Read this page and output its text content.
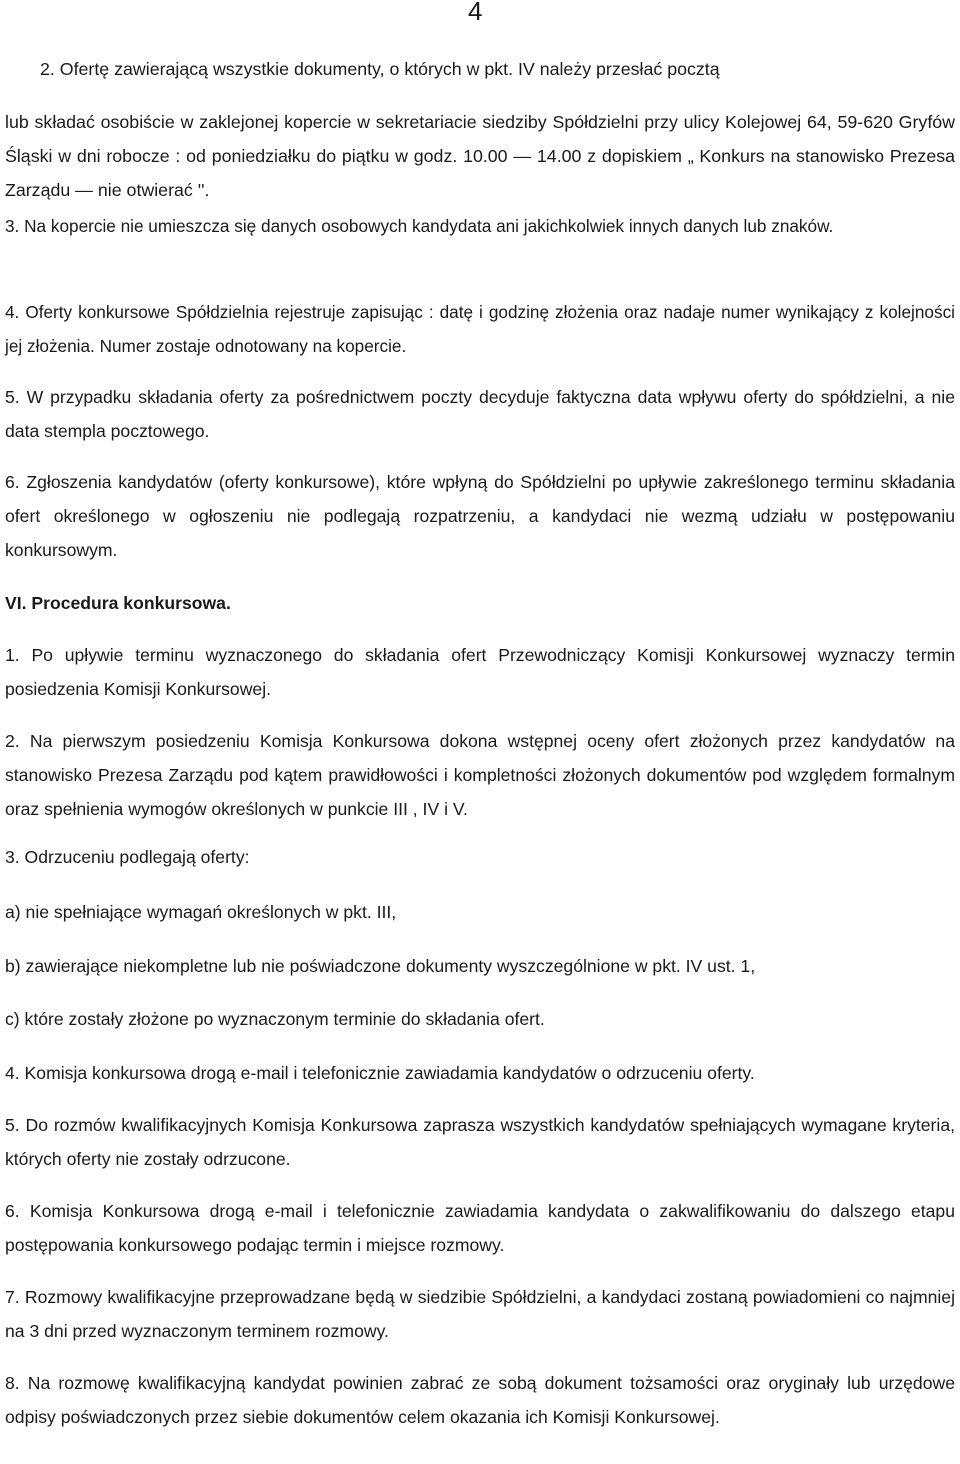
4

2. Ofertę zawierającą wszystkie dokumenty, o których w pkt. IV należy przesłać pocztą

lub składać osobiście w zaklejonej kopercie w sekretariacie siedziby Spółdzielni przy ulicy Kolejowej 64, 59-620 Gryfów Śląski w dni robocze : od poniedziałku do piątku w godz. 10.00 — 14.00 z dopiskiem „ Konkurs na stanowisko Prezesa Zarządu — nie otwierać ''.

3. Na kopercie nie umieszcza się danych osobowych kandydata ani jakichkolwiek innych danych lub znaków.

4. Oferty konkursowe Spółdzielnia rejestruje zapisując : datę i godzinę złożenia oraz nadaje numer wynikający z kolejności jej złożenia. Numer zostaje odnotowany na kopercie.

5. W przypadku składania oferty za pośrednictwem poczty decyduje faktyczna data wpływu oferty do spółdzielni, a nie data stempla pocztowego.

6. Zgłoszenia kandydatów (oferty konkursowe), które wpłyną do Spółdzielni po upływie zakreślonego terminu składania ofert określonego w ogłoszeniu nie podlegają rozpatrzeniu, a kandydaci nie wezmą udziału w postępowaniu konkursowym.

VI. Procedura konkursowa.

1. Po upływie terminu wyznaczonego do składania ofert Przewodniczący Komisji Konkursowej wyznaczy termin posiedzenia Komisji Konkursowej.

2. Na pierwszym posiedzeniu Komisja Konkursowa dokona wstępnej oceny ofert złożonych przez kandydatów na stanowisko Prezesa Zarządu pod kątem prawidłowości i kompletności złożonych dokumentów pod względem formalnym oraz spełnienia wymogów określonych w punkcie III , IV i V.

3. Odrzuceniu podlegają oferty:

a) nie spełniające wymagań określonych w pkt. III,

b) zawierające niekompletne lub nie poświadczone dokumenty wyszczególnione w pkt. IV ust. 1,

c) które zostały złożone po wyznaczonym terminie do składania ofert.

4. Komisja konkursowa drogą e-mail i telefonicznie zawiadamia kandydatów o odrzuceniu oferty.

5. Do rozmów kwalifikacyjnych Komisja Konkursowa zaprasza wszystkich kandydatów spełniających wymagane kryteria, których oferty nie zostały odrzucone.

6. Komisja Konkursowa drogą e-mail i telefonicznie zawiadamia kandydata o zakwalifikowaniu do dalszego etapu postępowania konkursowego podając termin i miejsce rozmowy.

7. Rozmowy kwalifikacyjne przeprowadzane będą w siedzibie Spółdzielni, a kandydaci zostaną powiadomieni co najmniej na 3 dni przed wyznaczonym terminem rozmowy.

8. Na rozmowę kwalifikacyjną kandydat powinien zabrać ze sobą dokument tożsamości oraz oryginały lub urzędowe odpisy poświadczonych przez siebie dokumentów celem okazania ich Komisji Konkursowej.
